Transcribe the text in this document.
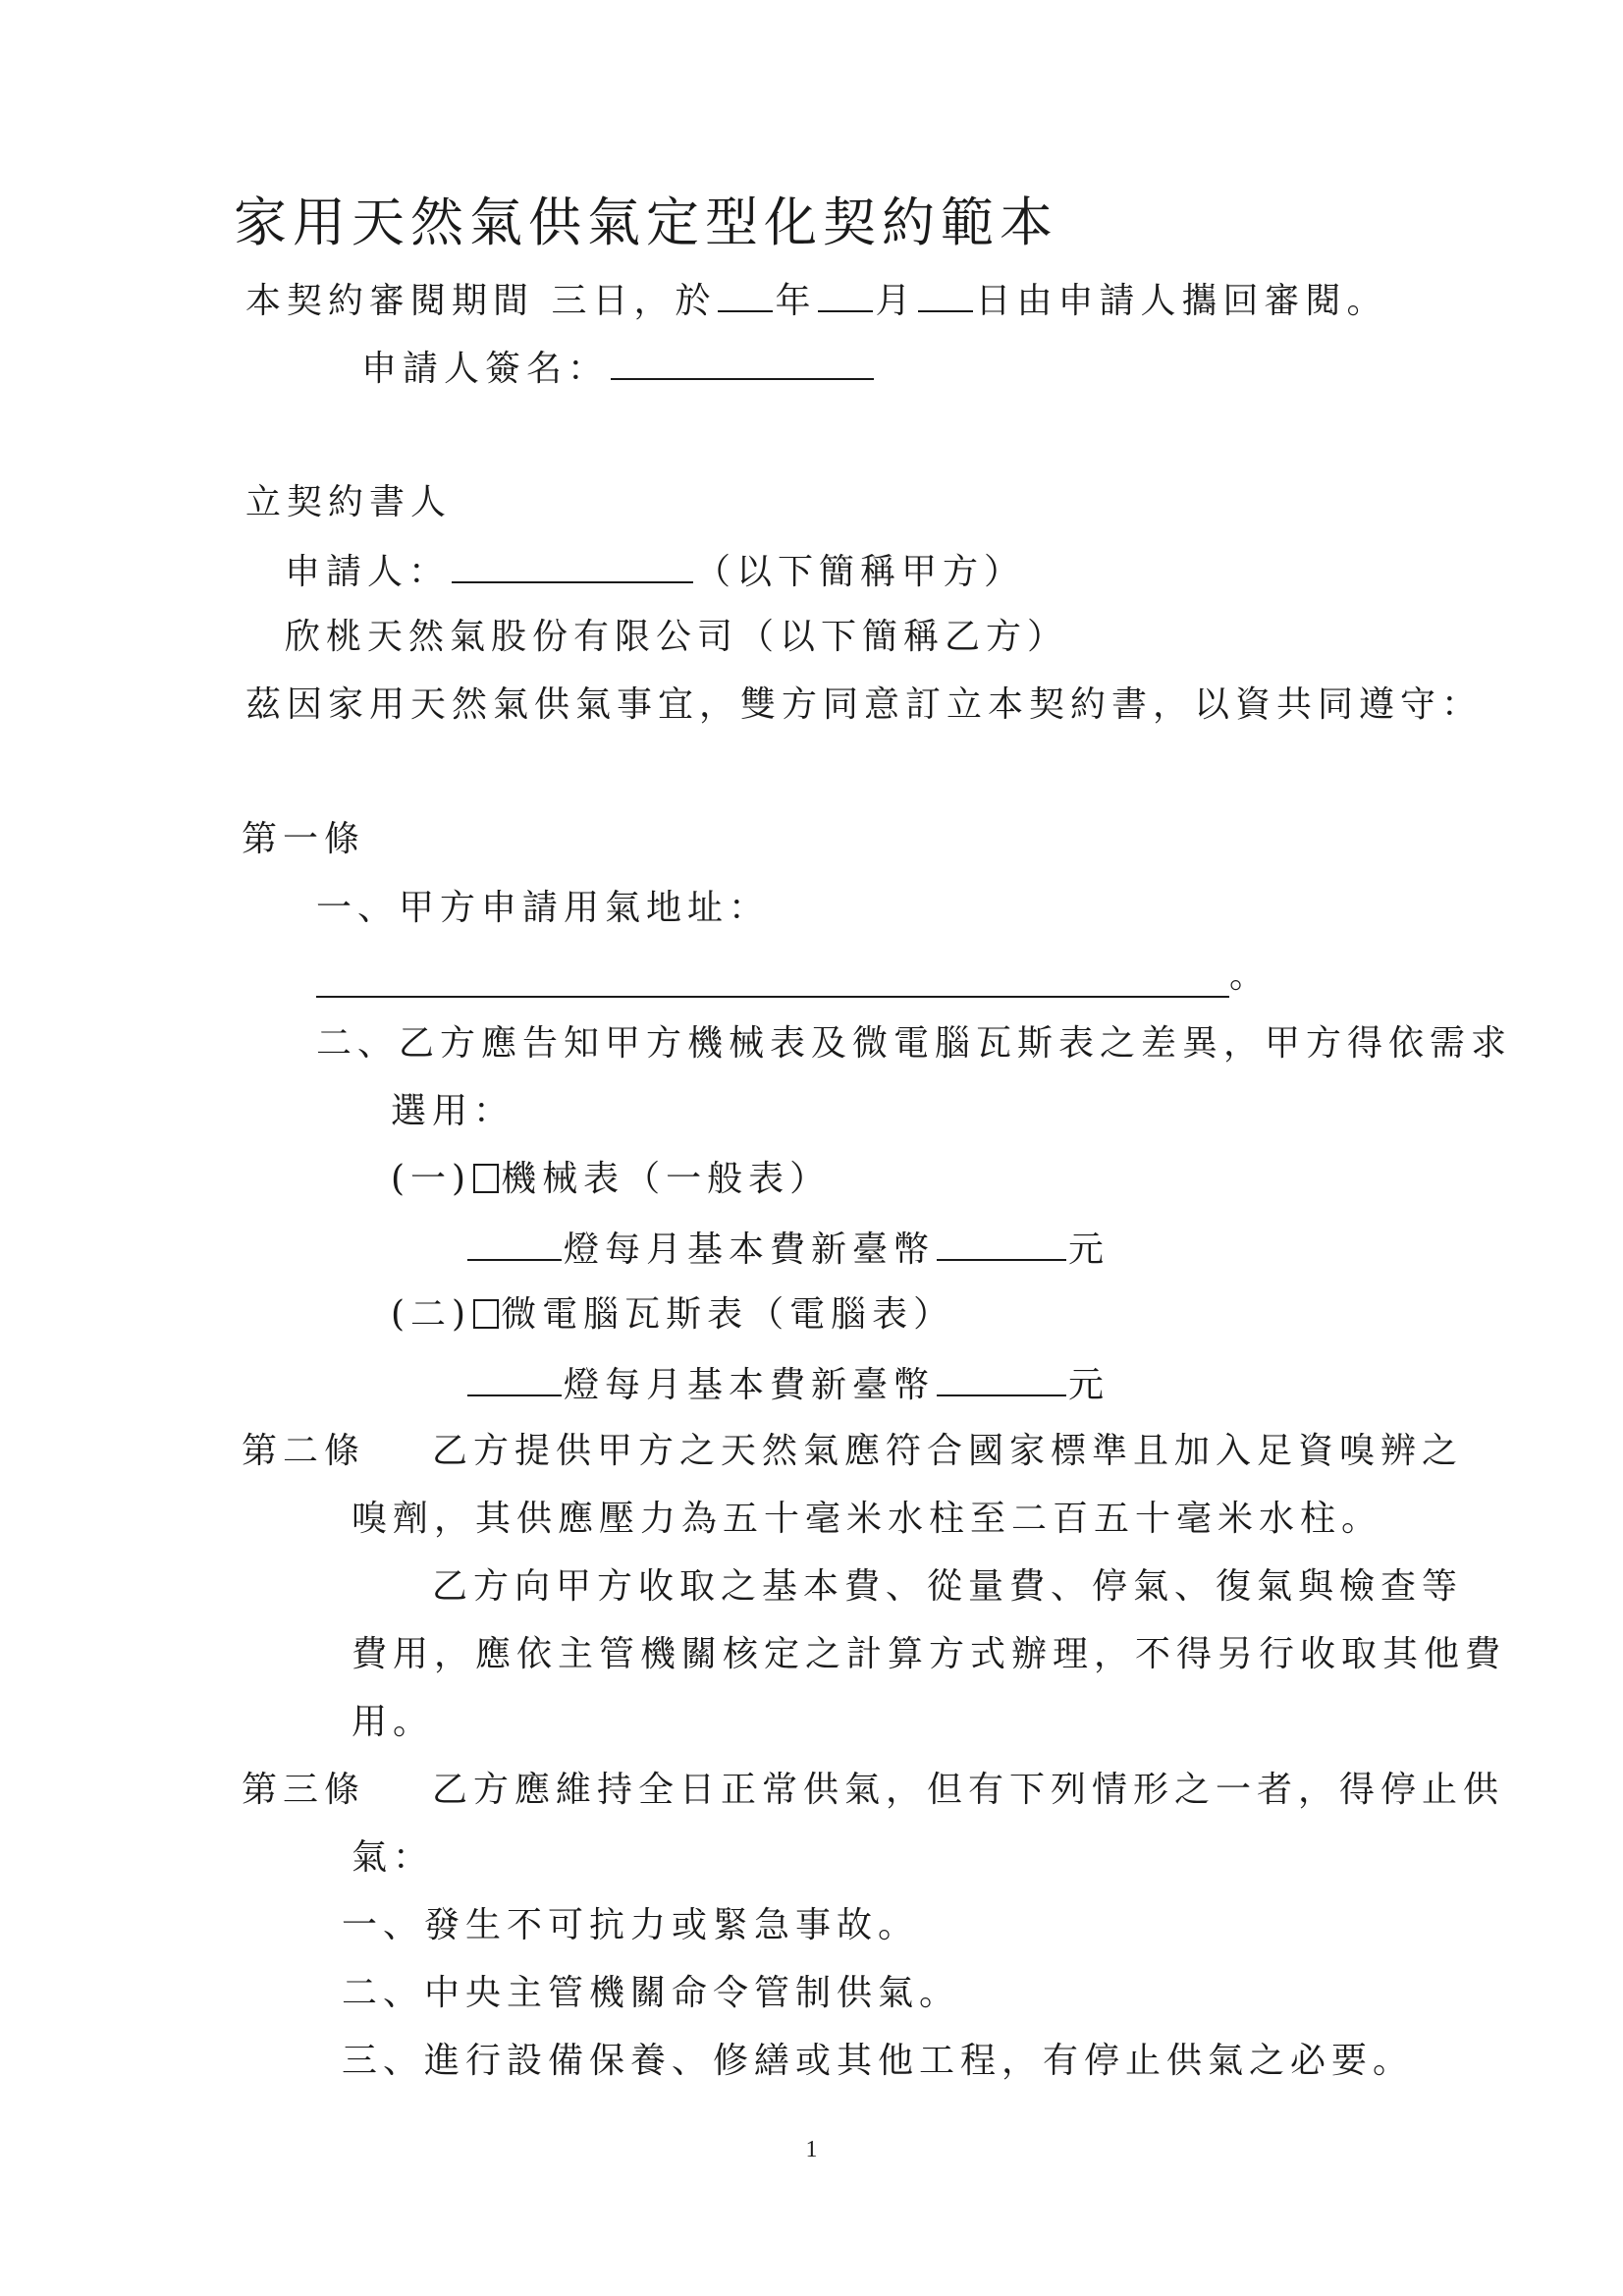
家用天然氣供氣定型化契約範本
本契約審閱期間 三日，於 年 月 日由申請人攜回審閱。
申請人簽名：
立契約書人
申請人：	（以下簡稱甲方）
欣桃天然氣股份有限公司（以下簡稱乙方）
茲因家用天然氣供氣事宜，雙方同意訂立本契約書，以資共同遵守：
第一條
一、甲方申請用氣地址：
。
二、乙方應告知甲方機械表及微電腦瓦斯表之差異，甲方得依需求
選用：
(一) 機械表（一般表）
燈每月基本費新臺幣	元
(二) 微電腦瓦斯表（電腦表）
燈每月基本費新臺幣	元
第二條 乙方提供甲方之天然氣應符合國家標準且加入足資嗅辨之
嗅劑，其供應壓力為五十毫米水柱至二百五十毫米水柱。
乙方向甲方收取之基本費、從量費、停氣、復氣與檢查等
費用，應依主管機關核定之計算方式辦理，不得另行收取其他費
用。
第三條 乙方應維持全日正常供氣，但有下列情形之一者，得停止供
氣：
一、發生不可抗力或緊急事故。
二、中央主管機關命令管制供氣。
三、進行設備保養、修繕或其他工程，有停止供氣之必要。
1
